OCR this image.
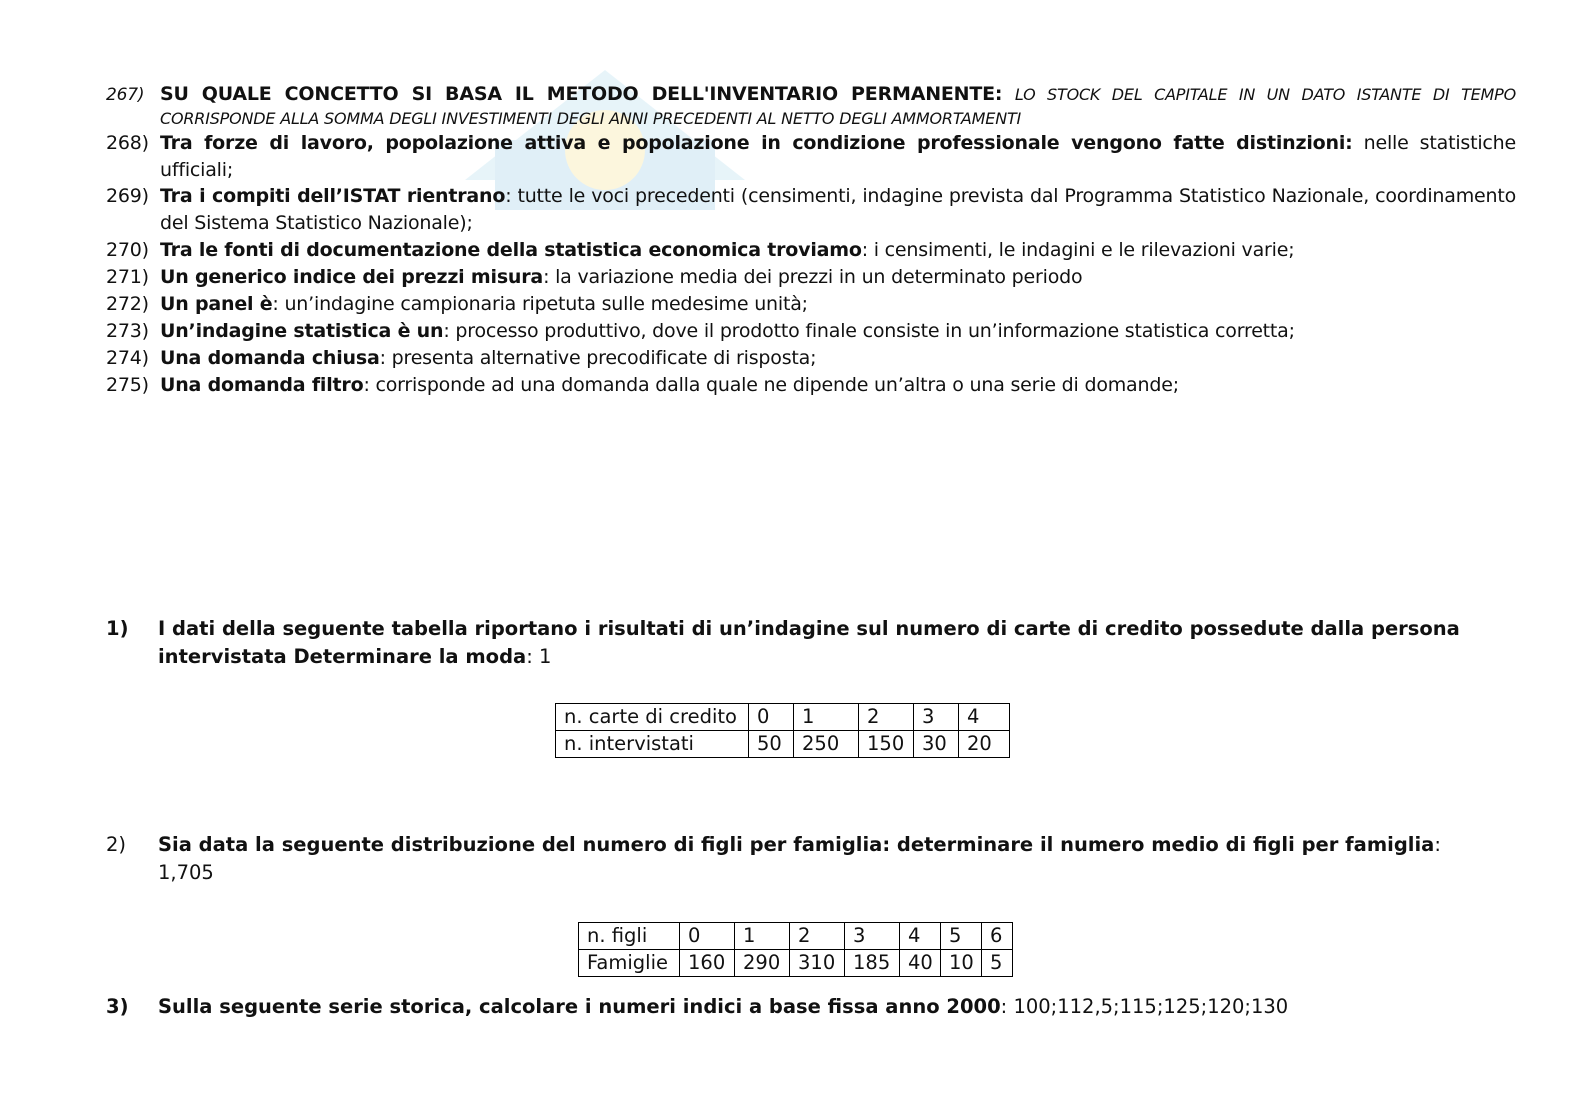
267) SU QUALE CONCETTO SI BASA IL METODO DELL'INVENTARIO PERMANENTE: LO STOCK DEL CAPITALE IN UN DATO ISTANTE DI TEMPO CORRISPONDE ALLA SOMMA DEGLI INVESTIMENTI DEGLI ANNI PRECEDENTI AL NETTO DEGLI AMMORTAMENTI
268) Tra forze di lavoro, popolazione attiva e popolazione in condizione professionale vengono fatte distinzioni: nelle statistiche ufficiali;
269) Tra i compiti dell’ISTAT rientrano: tutte le voci precedenti (censimenti, indagine prevista dal Programma Statistico Nazionale, coordinamento del Sistema Statistico Nazionale);
270) Tra le fonti di documentazione della statistica economica troviamo: i censimenti, le indagini e le rilevazioni varie;
271) Un generico indice dei prezzi misura: la variazione media dei prezzi in un determinato periodo
272) Un panel è: un’indagine campionaria ripetuta sulle medesime unità;
273) Un’indagine statistica è un: processo produttivo, dove il prodotto finale consiste in un’informazione statistica corretta;
274) Una domanda chiusa: presenta alternative precodificate di risposta;
275) Una domanda filtro: corrisponde ad una domanda dalla quale ne dipende un’altra o una serie di domande;
1)	I dati della seguente tabella riportano i risultati di un’indagine sul numero di carte di credito possedute dalla persona intervistata Determinare la moda: 1
n. carte di credito	0	1	2	3	4
n. intervistati	50	250	150	30	20
2)	Sia data la seguente distribuzione del numero di figli per famiglia: determinare il numero medio di figli per famiglia: 1,705
n. figli	0	1	2	3	4	5	6
Famiglie	160	290	310	185	40	10	5
3)	Sulla seguente serie storica, calcolare i numeri indici a base fissa anno 2000: 100;112,5;115;125;120;130
